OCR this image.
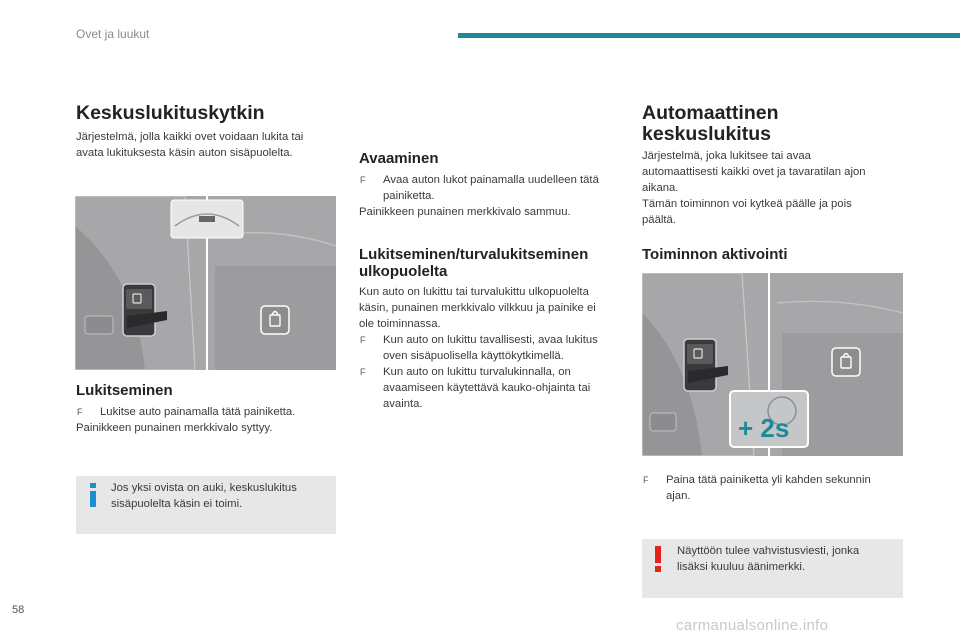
Ovet ja luukut
Keskuslukituskytkin
Järjestelmä, jolla kaikki ovet voidaan lukita tai
avata lukituksesta käsin auton sisäpuolelta.
Lukitseminen
F	Lukitse auto painamalla tätä painiketta.
Painikkeen punainen merkkivalo syttyy.
Jos yksi ovista on auki, keskuslukitus
sisäpuolelta käsin ei toimi.
Avaaminen
F	Avaa auton lukot painamalla uudelleen tätä
painiketta.
Painikkeen punainen merkkivalo sammuu.
Lukitseminen/turvalukitseminen
ulkopuolelta
Kun auto on lukittu tai turvalukittu ulkopuolelta
käsin, punainen merkkivalo vilkkuu ja painike ei
ole toiminnassa.
F	Kun auto on lukittu tavallisesti, avaa lukitus
oven sisäpuolisella käyttökytkimellä.
F	Kun auto on lukittu turvalukinnalla, on
avaamiseen käytettävä kauko-ohjainta tai
avainta.
Automaattinen
keskuslukitus
Järjestelmä, joka lukitsee tai avaa
automaattisesti kaikki ovet ja tavaratilan ajon
aikana.
Tämän toiminnon voi kytkeä päälle ja pois
päältä.
Toiminnon aktivointi
+ 2s
F	Paina tätä painiketta yli kahden sekunnin
ajan.
Näyttöön tulee vahvistusviesti, jonka
lisäksi kuuluu äänimerkki.
58
carmanualsonline.info
